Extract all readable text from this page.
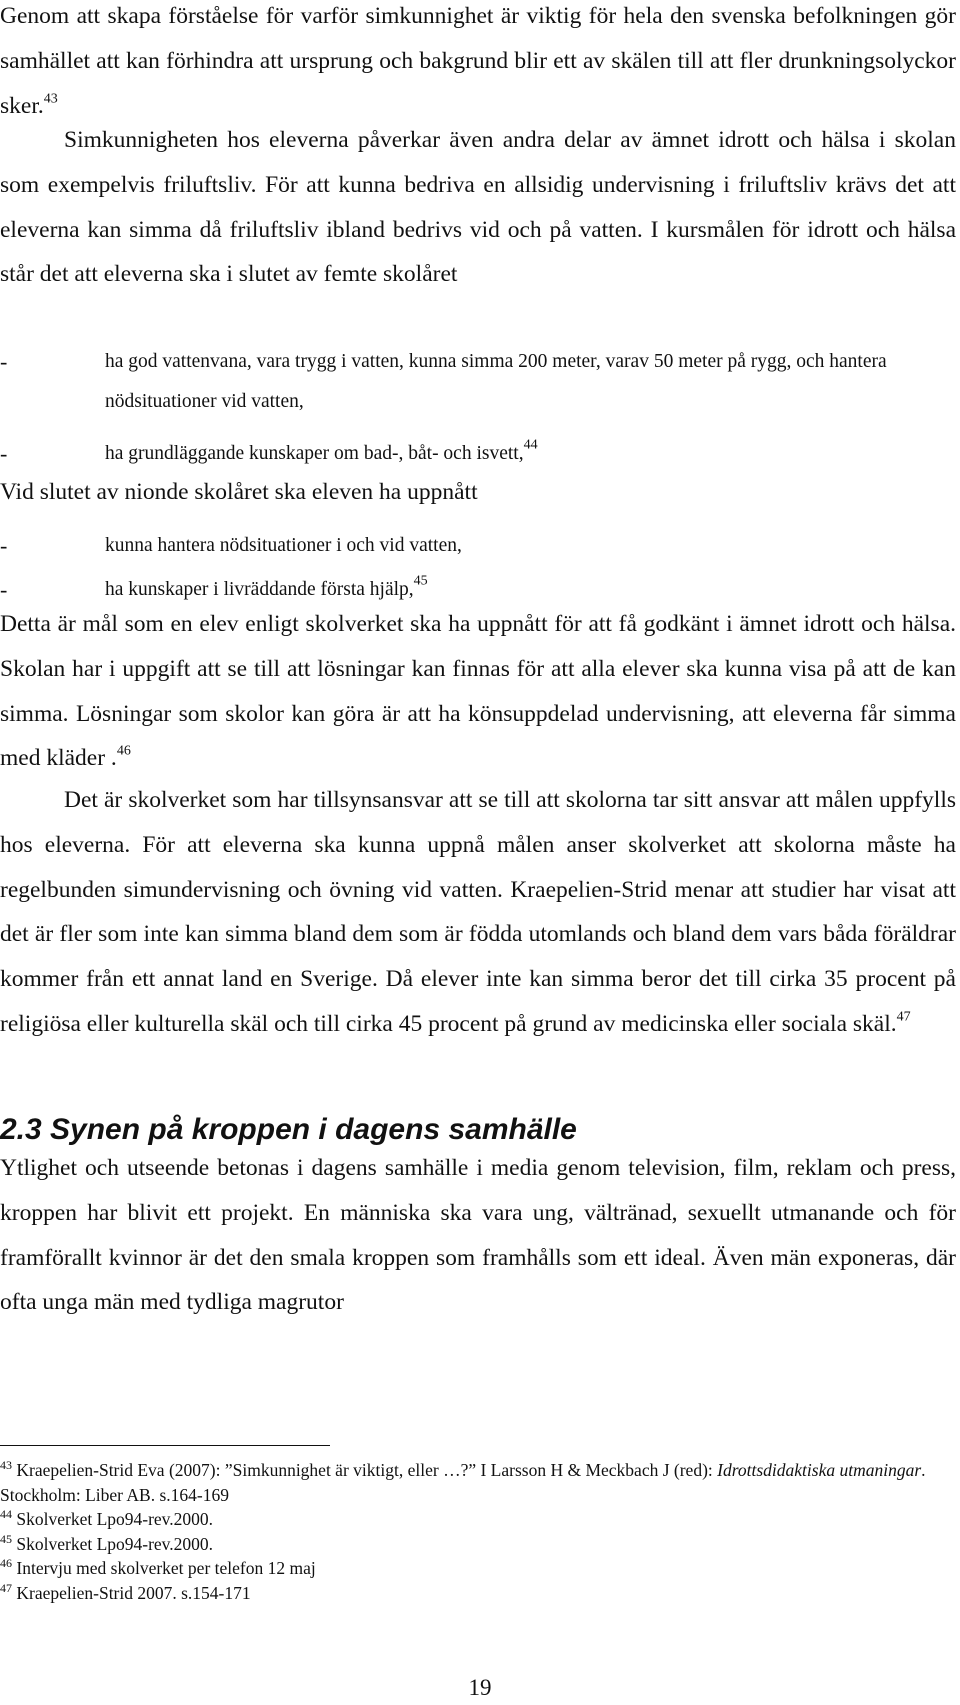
Genom att skapa förståelse för varför simkunnighet är viktig för hela den svenska befolkningen gör samhället att kan förhindra att ursprung och bakgrund blir ett av skälen till att fler drunkningsolyckor sker.$^{43}$

Simkunnigheten hos eleverna påverkar även andra delar av ämnet idrott och hälsa i skolan som exempelvis friluftsliv. För att kunna bedriva en allsidig undervisning i friluftsliv krävs det att eleverna kan simma då friluftsliv ibland bedrivs vid och på vatten. I kursmålen för idrott och hälsa står det att eleverna ska i slutet av femte skolåret

-	ha god vattenvana, vara trygg i vatten, kunna simma 200 meter, varav 50 meter på rygg, och hantera nödsituationer vid vatten,
-	ha grundläggande kunskaper om bad-, båt- och isvett,$^{44}$

Vid slutet av nionde skolåret ska eleven ha uppnått

-	kunna hantera nödsituationer i och vid vatten,
-	ha kunskaper i livräddande första hjälp,$^{45}$

Detta är mål som en elev enligt skolverket ska ha uppnått för att få godkänt i ämnet idrott och hälsa. Skolan har i uppgift att se till att lösningar kan finnas för att alla elever ska kunna visa på att de kan simma. Lösningar som skolor kan göra är att ha könsuppdelad undervisning, att eleverna får simma med kläder .$^{46}$

Det är skolverket som har tillsynsansvar att se till att skolorna tar sitt ansvar att målen uppfylls hos eleverna. För att eleverna ska kunna uppnå målen anser skolverket att skolorna måste ha regelbunden simundervisning och övning vid vatten. Kraepelien-Strid menar att studier har visat att det är fler som inte kan simma bland dem som är födda utomlands och bland dem vars båda föräldrar kommer från ett annat land en Sverige. Då elever inte kan simma beror det till cirka 35 procent på religiösa eller kulturella skäl och till cirka 45 procent på grund av medicinska eller sociala skäl.$^{47}$

2.3 Synen på kroppen i dagens samhälle

Ytlighet och utseende betonas i dagens samhälle i media genom television, film, reklam och press, kroppen har blivit ett projekt. En människa ska vara ung, vältränad, sexuellt utmanande och för framförallt kvinnor är det den smala kroppen som framhålls som ett ideal. Även män exponeras, där ofta unga män med tydliga magrutor

$^{43}$ Kraepelien-Strid Eva (2007): ”Simkunnighet är viktigt, eller …?” I Larsson H & Meckbach J (red): Idrottsdidaktiska utmaningar. Stockholm: Liber AB. s.164-169

$^{44}$ Skolverket Lpo94-rev.2000.

$^{45}$ Skolverket Lpo94-rev.2000.

$^{46}$ Intervju med skolverket per telefon 12 maj

$^{47}$ Kraepelien-Strid 2007. s.154-171

19
